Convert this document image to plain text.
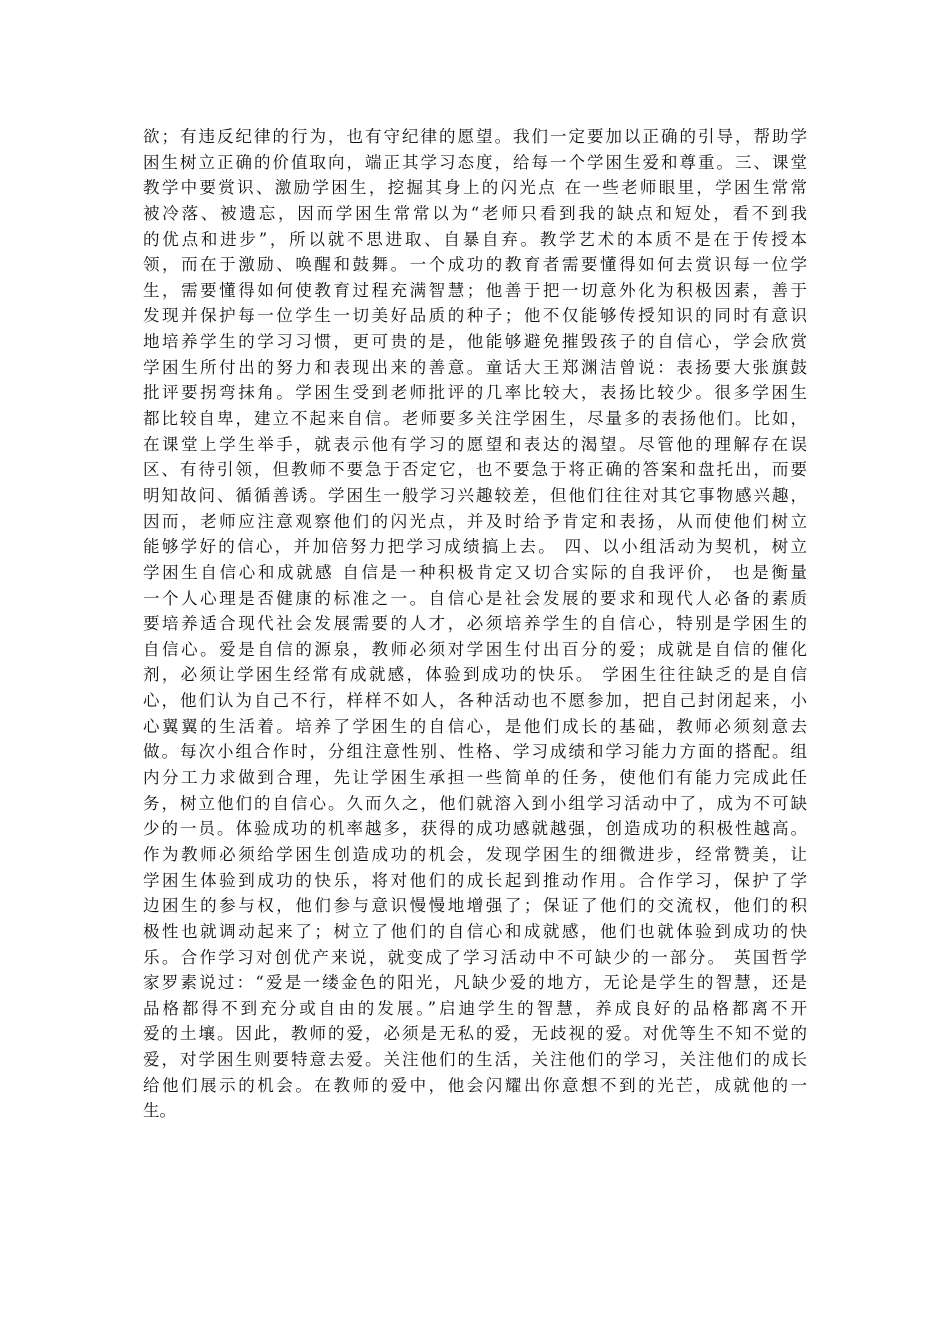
欲；有违反纪律的行为，也有守纪律的愿望。我们一定要加以正确的引导，帮助学
困生树立正确的价值取向，端正其学习态度，给每一个学困生爱和尊重。三、课堂
教学中要赏识、激励学困生，挖掘其身上的闪光点 在一些老师眼里，学困生常常
被冷落、被遗忘，因而学困生常常以为“老师只看到我的缺点和短处，看不到我
的优点和进步”，所以就不思进取、自暴自弃。教学艺术的本质不是在于传授本
领，而在于激励、唤醒和鼓舞。一个成功的教育者需要懂得如何去赏识每一位学
生，需要懂得如何使教育过程充满智慧；他善于把一切意外化为积极因素，善于
发现并保护每一位学生一切美好品质的种子；他不仅能够传授知识的同时有意识
地培养学生的学习习惯，更可贵的是，他能够避免摧毁孩子的自信心，学会欣赏
学困生所付出的努力和表现出来的善意。童话大王郑渊洁曾说：表扬要大张旗鼓
批评要拐弯抹角。学困生受到老师批评的几率比较大，表扬比较少。很多学困生
都比较自卑，建立不起来自信。老师要多关注学困生，尽量多的表扬他们。比如，
在课堂上学生举手，就表示他有学习的愿望和表达的渴望。尽管他的理解存在误
区、有待引领，但教师不要急于否定它，也不要急于将正确的答案和盘托出，而要
明知故问、循循善诱。学困生一般学习兴趣较差，但他们往往对其它事物感兴趣，
因而，老师应注意观察他们的闪光点，并及时给予肯定和表扬，从而使他们树立
能够学好的信心，并加倍努力把学习成绩搞上去。 四、以小组活动为契机，树立
学困生自信心和成就感 自信是一种积极肯定又切合实际的自我评价， 也是衡量
一个人心理是否健康的标准之一。自信心是社会发展的要求和现代人必备的素质
要培养适合现代社会发展需要的人才，必须培养学生的自信心，特别是学困生的
自信心。爱是自信的源泉，教师必须对学困生付出百分的爱；成就是自信的催化
剂，必须让学困生经常有成就感，体验到成功的快乐。 学困生往往缺乏的是自信
心，他们认为自己不行，样样不如人，各种活动也不愿参加，把自己封闭起来，小
心翼翼的生活着。培养了学困生的自信心，是他们成长的基础，教师必须刻意去
做。每次小组合作时，分组注意性别、性格、学习成绩和学习能力方面的搭配。组
内分工力求做到合理，先让学困生承担一些简单的任务，使他们有能力完成此任
务，树立他们的自信心。久而久之，他们就溶入到小组学习活动中了，成为不可缺
少的一员。体验成功的机率越多，获得的成功感就越强，创造成功的积极性越高。
作为教师必须给学困生创造成功的机会，发现学困生的细微进步，经常赞美，让
学困生体验到成功的快乐，将对他们的成长起到推动作用。合作学习，保护了学
边困生的参与权，他们参与意识慢慢地增强了；保证了他们的交流权，他们的积
极性也就调动起来了；树立了他们的自信心和成就感，他们也就体验到成功的快
乐。合作学习对创优产来说，就变成了学习活动中不可缺少的一部分。 英国哲学
家罗素说过：“爱是一缕金色的阳光，凡缺少爱的地方，无论是学生的智慧，还是
品格都得不到充分或自由的发展。”启迪学生的智慧，养成良好的品格都离不开
爱的土壤。因此，教师的爱，必须是无私的爱，无歧视的爱。对优等生不知不觉的
爱，对学困生则要特意去爱。关注他们的生活，关注他们的学习，关注他们的成长
给他们展示的机会。在教师的爱中，他会闪耀出你意想不到的光芒，成就他的一
生。
